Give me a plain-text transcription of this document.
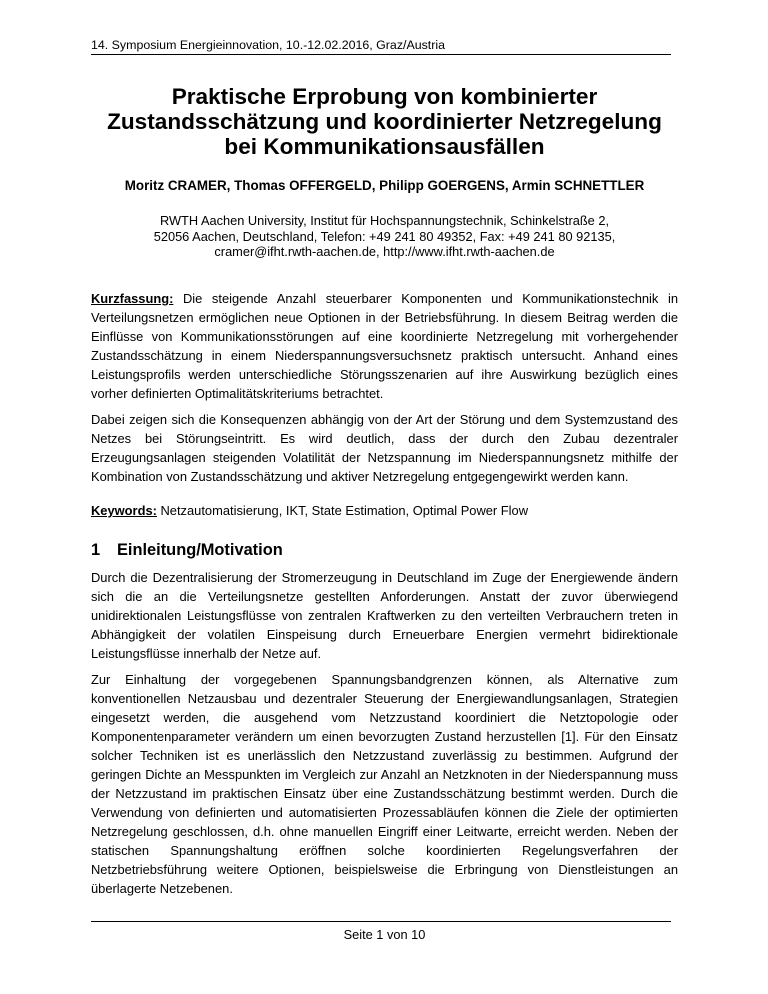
14. Symposium Energieinnovation, 10.-12.02.2016, Graz/Austria
Praktische Erprobung von kombinierter Zustandsschätzung und koordinierter Netzregelung bei Kommunikationsausfällen
Moritz CRAMER, Thomas OFFERGELD, Philipp GOERGENS, Armin SCHNETTLER
RWTH Aachen University, Institut für Hochspannungstechnik, Schinkelstraße 2,
52056 Aachen, Deutschland, Telefon: +49 241 80 49352, Fax: +49 241 80 92135,
cramer@ifht.rwth-aachen.de, http://www.ifht.rwth-aachen.de

Kurzfassung: Die steigende Anzahl steuerbarer Komponenten und Kommunikationstechnik in Verteilungsnetzen ermöglichen neue Optionen in der Betriebsführung. In diesem Beitrag werden die Einflüsse von Kommunikationsstörungen auf eine koordinierte Netzregelung mit vorhergehender Zustandsschätzung in einem Niederspannungsversuchsnetz praktisch untersucht. Anhand eines Leistungsprofils werden unterschiedliche Störungsszenarien auf ihre Auswirkung bezüglich eines vorher definierten Optimalitätskriteriums betrachtet.

Dabei zeigen sich die Konsequenzen abhängig von der Art der Störung und dem Systemzustand des Netzes bei Störungseintritt. Es wird deutlich, dass der durch den Zubau dezentraler Erzeugungsanlagen steigenden Volatilität der Netzspannung im Niederspannungsnetz mithilfe der Kombination von Zustandsschätzung und aktiver Netzregelung entgegengewirkt werden kann.

Keywords: Netzautomatisierung, IKT, State Estimation, Optimal Power Flow
1 Einleitung/Motivation

Durch die Dezentralisierung der Stromerzeugung in Deutschland im Zuge der Energiewende ändern sich die an die Verteilungsnetze gestellten Anforderungen. Anstatt der zuvor überwiegend unidirektionalen Leistungsflüsse von zentralen Kraftwerken zu den verteilten Verbrauchern treten in Abhängigkeit der volatilen Einspeisung durch Erneuerbare Energien vermehrt bidirektionale Leistungsflüsse innerhalb der Netze auf.

Zur Einhaltung der vorgegebenen Spannungsbandgrenzen können, als Alternative zum konventionellen Netzausbau und dezentraler Steuerung der Energiewandlungsanlagen, Strategien eingesetzt werden, die ausgehend vom Netzzustand koordiniert die Netztopologie oder Komponentenparameter verändern um einen bevorzugten Zustand herzustellen [1]. Für den Einsatz solcher Techniken ist es unerlässlich den Netzzustand zuverlässig zu bestimmen. Aufgrund der geringen Dichte an Messpunkten im Vergleich zur Anzahl an Netzknoten in der Niederspannung muss der Netzzustand im praktischen Einsatz über eine Zustandsschätzung bestimmt werden. Durch die Verwendung von definierten und automatisierten Prozessabläufen können die Ziele der optimierten Netzregelung geschlossen, d.h. ohne manuellen Eingriff einer Leitwarte, erreicht werden. Neben der statischen Spannungshaltung eröffnen solche koordinierten Regelungsverfahren der Netzbetriebsführung weitere Optionen, beispielsweise die Erbringung von Dienstleistungen an überlagerte Netzebenen.

Seite 1 von 10
